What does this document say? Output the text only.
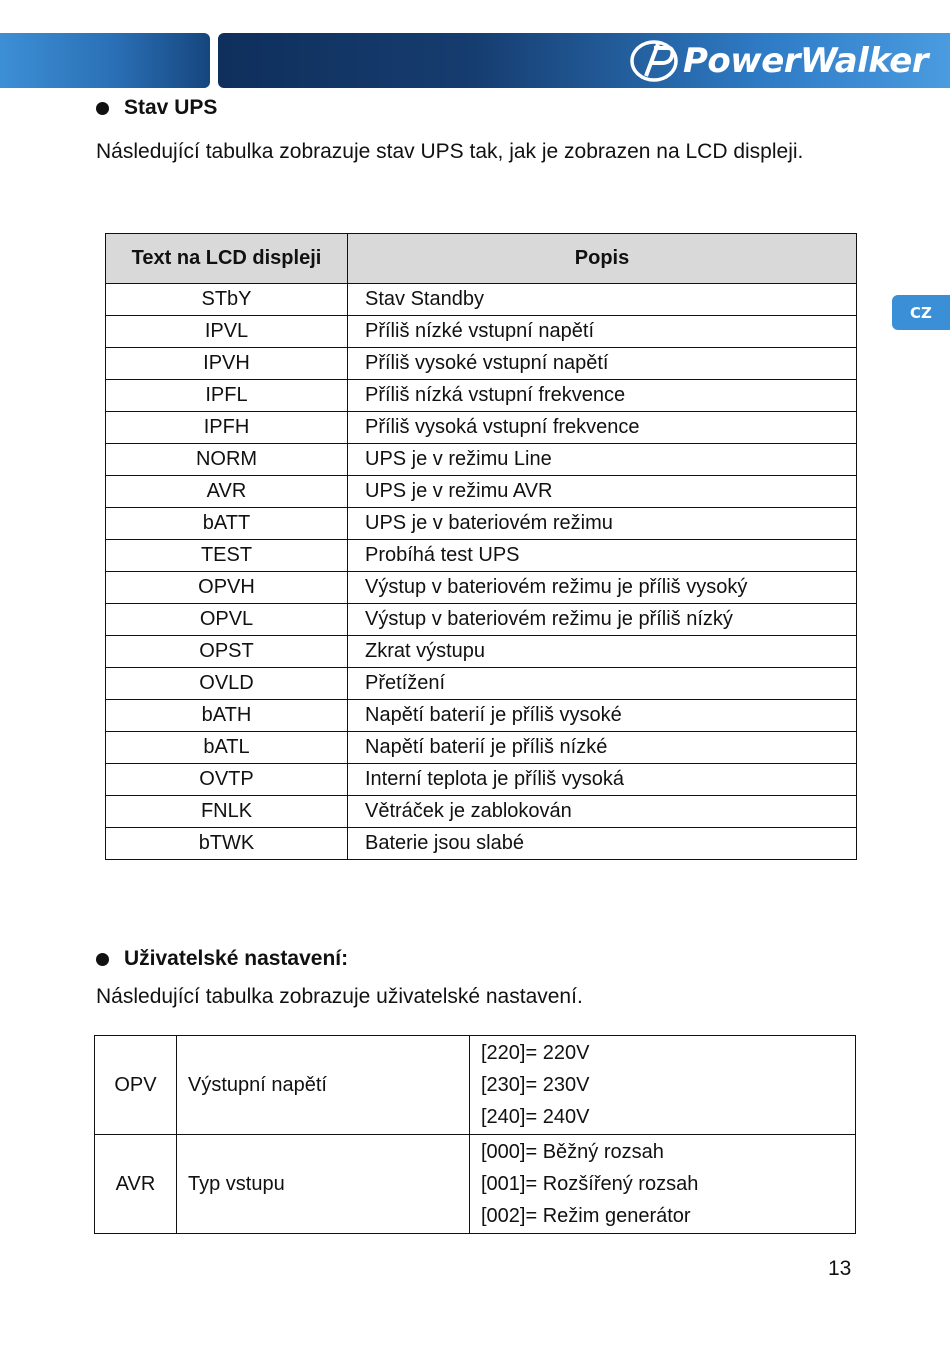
PowerWalker
CZ
Stav UPS
Následující tabulka zobrazuje stav UPS tak, jak je zobrazen na LCD displeji.
Text na LCD displeji	Popis
STbY	Stav Standby
IPVL	Příliš nízké vstupní napětí
IPVH	Příliš vysoké vstupní napětí
IPFL	Příliš nízká vstupní frekvence
IPFH	Příliš vysoká vstupní frekvence
NORM	UPS je v režimu Line
AVR	UPS je v režimu AVR
bATT	UPS je v bateriovém režimu
TEST	Probíhá test UPS
OPVH	Výstup v bateriovém režimu je příliš vysoký
OPVL	Výstup v bateriovém režimu je příliš nízký
OPST	Zkrat výstupu
OVLD	Přetížení
bATH	Napětí baterií je příliš vysoké
bATL	Napětí baterií je příliš nízké
OVTP	Interní teplota je příliš vysoká
FNLK	Větráček je zablokován
bTWK	Baterie jsou slabé
Uživatelské nastavení:
Následující tabulka zobrazuje uživatelské nastavení.
OPV	Výstupní napětí	[220]= 220V
[230]= 230V
[240]= 240V

AVR	Typ vstupu	[000]= Běžný rozsah
[001]= Rozšířený rozsah
[002]= Režim generátor
13
